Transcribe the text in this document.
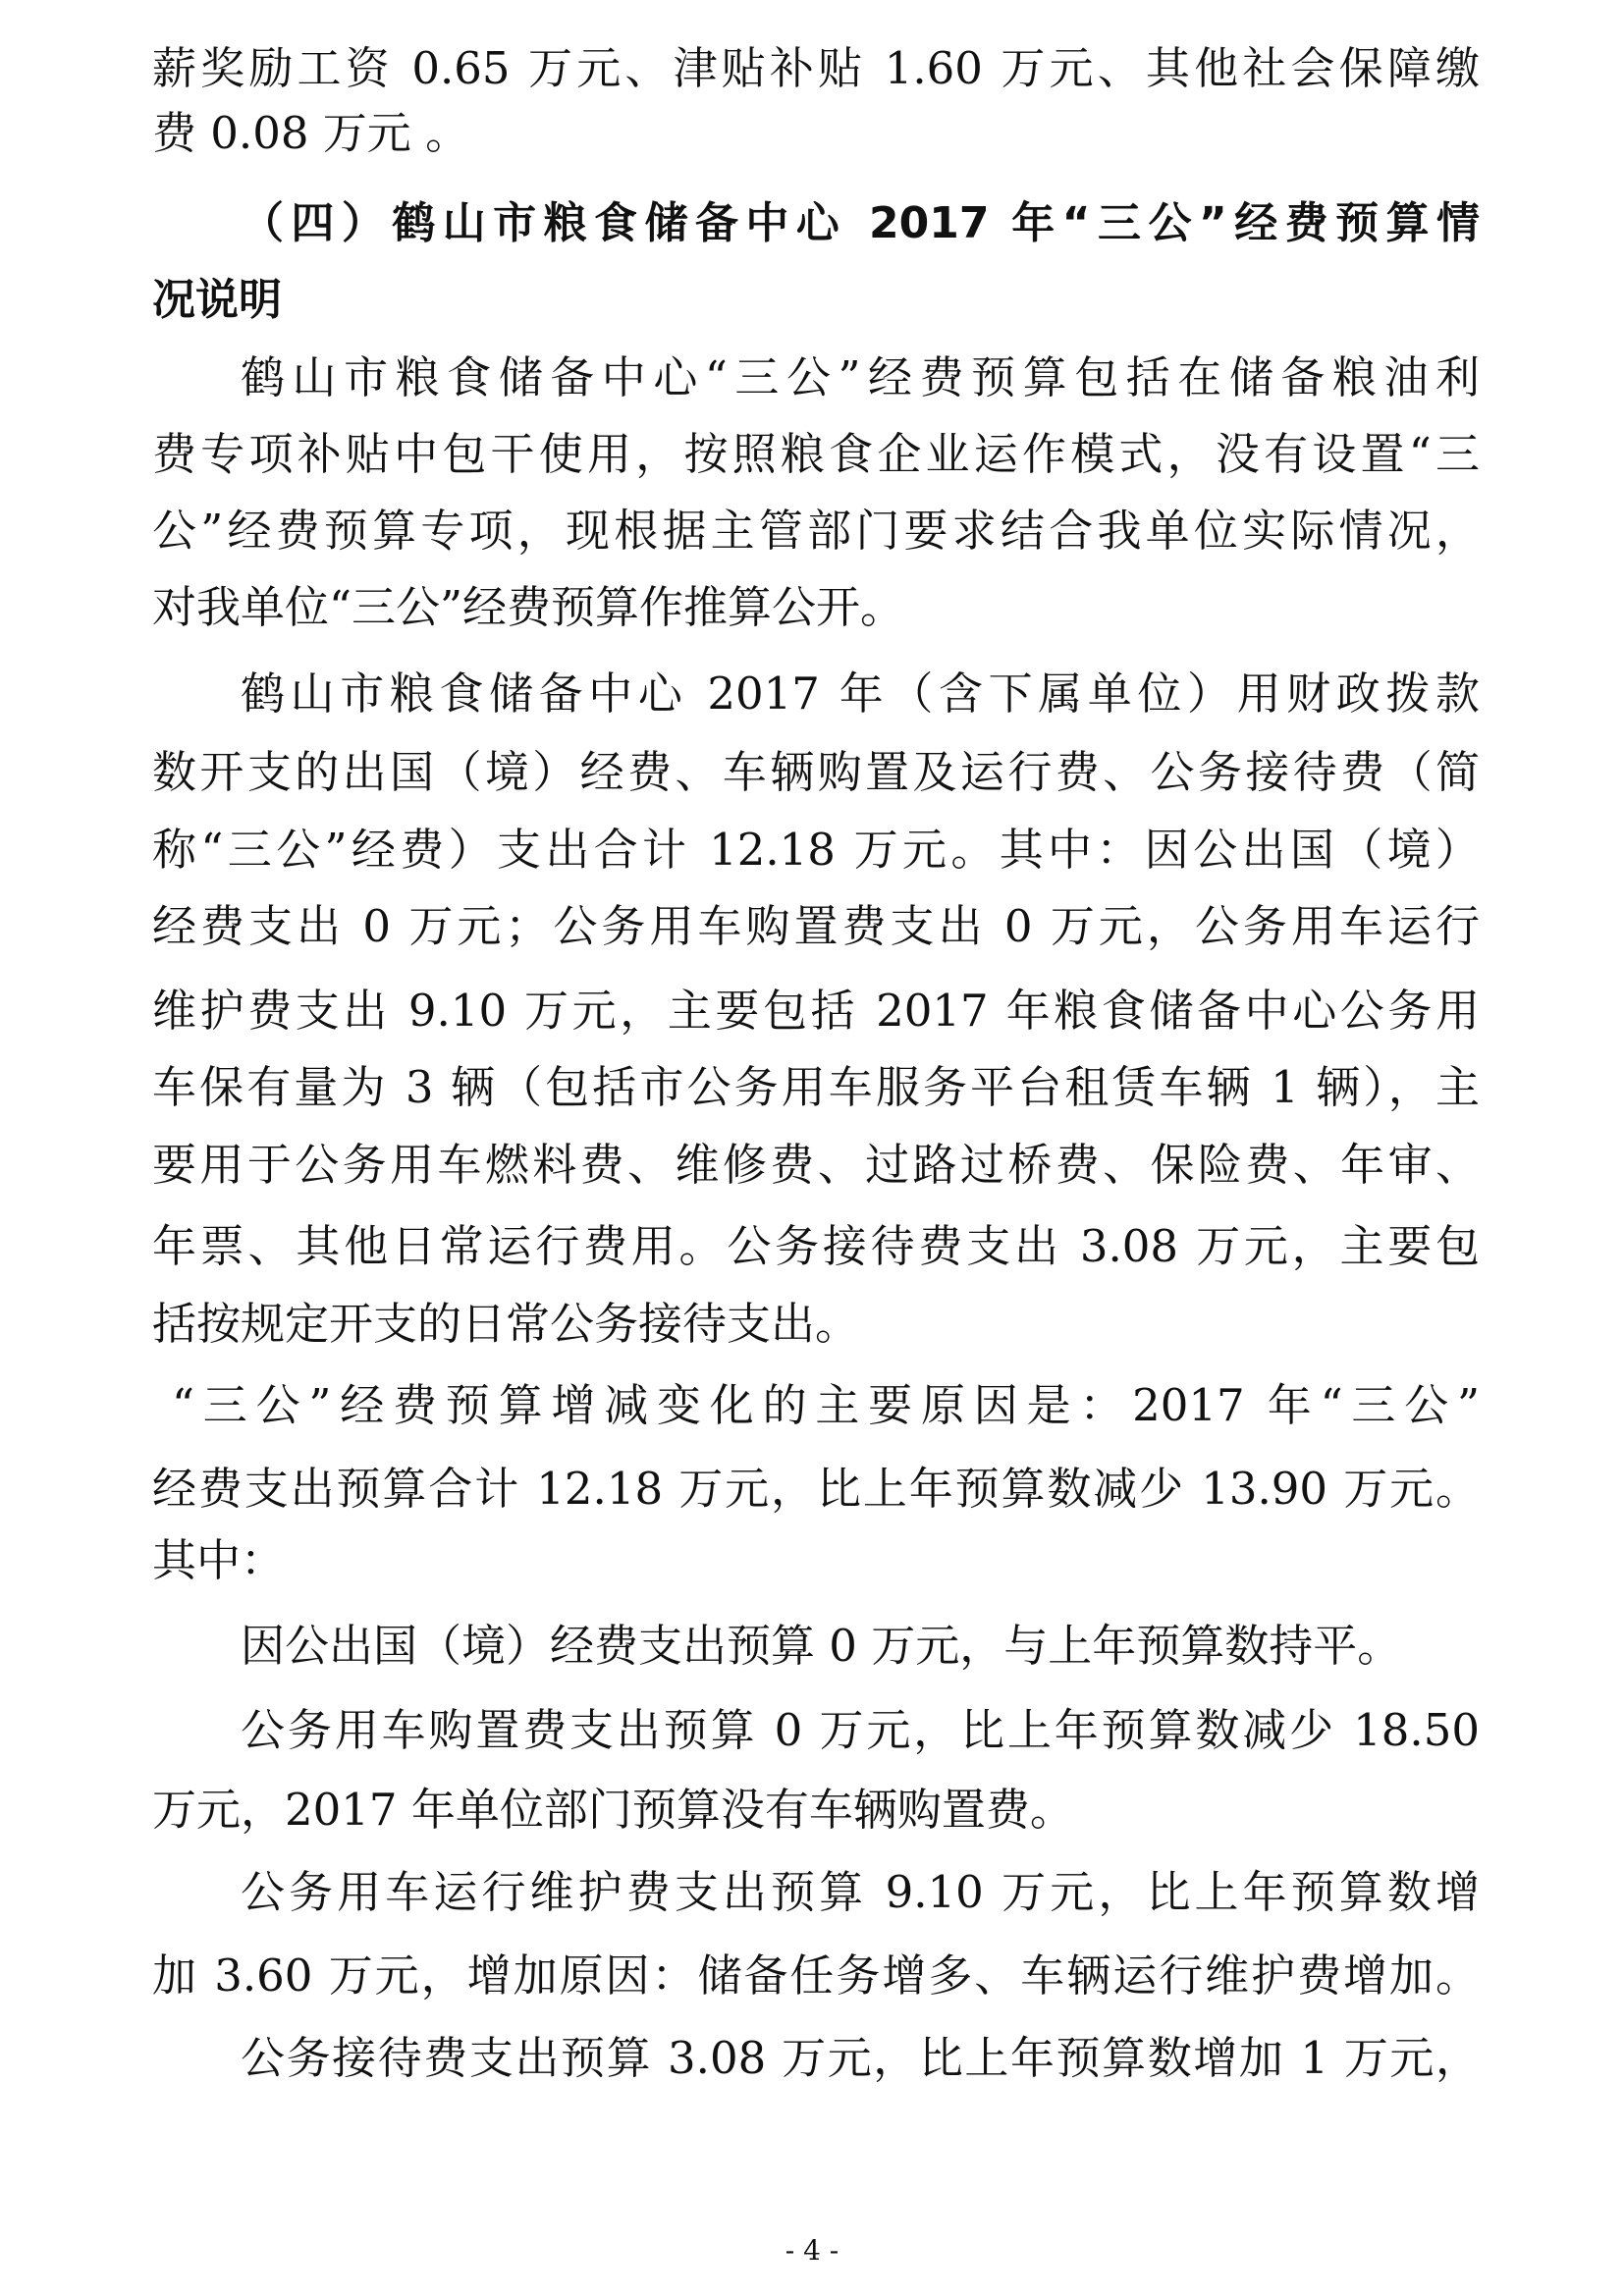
薪奖励工资 0.65 万元、津贴补贴 1.60 万元、其他社会保障缴
费 0.08 万元 。
（四）鹤山市粮食储备中心 2017 年“三公”经费预算情
况说明
鹤山市粮食储备中心“三公”经费预算包括在储备粮油利
费专项补贴中包干使用，按照粮食企业运作模式，没有设置“三
公”经费预算专项，现根据主管部门要求结合我单位实际情况，
对我单位“三公”经费预算作推算公开。
鹤山市粮食储备中心 2017 年（含下属单位）用财政拨款
数开支的出国（境）经费、车辆购置及运行费、公务接待费（简
称“三公”经费）支出合计 12.18 万元。其中：因公出国（境）
经费支出 0 万元；公务用车购置费支出 0 万元，公务用车运行
维护费支出 9.10 万元，主要包括 2017 年粮食储备中心公务用
车保有量为 3 辆（包括市公务用车服务平台租赁车辆 1 辆），主
要用于公务用车燃料费、维修费、过路过桥费、保险费、年审、
年票、其他日常运行费用。公务接待费支出 3.08 万元，主要包
括按规定开支的日常公务接待支出。
“三公”经费预算增减变化的主要原因是：2017 年“三公”
经费支出预算合计 12.18 万元，比上年预算数减少 13.90 万元。
其中：
因公出国（境）经费支出预算 0 万元，与上年预算数持平。
公务用车购置费支出预算 0 万元，比上年预算数减少 18.50
万元，2017 年单位部门预算没有车辆购置费。
公务用车运行维护费支出预算 9.10 万元，比上年预算数增
加 3.60 万元，增加原因：储备任务增多、车辆运行维护费增加。
公务接待费支出预算 3.08 万元，比上年预算数增加 1 万元，
- 4 -
